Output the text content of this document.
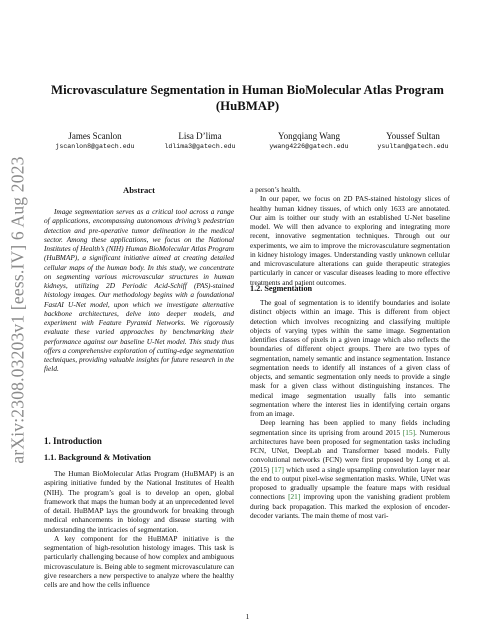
arXiv:2308.03203v1 [eess.IV] 6 Aug 2023
Microvasculature Segmentation in Human BioMolecular Atlas Program (HuBMAP)
James Scanlon
jscanlon8@gatech.edu
Lisa D’lima
ldlima3@gatech.edu
Yongqiang Wang
ywang4226@gatech.edu
Youssef Sultan
ysultan@gatech.edu
Abstract
Image segmentation serves as a critical tool across a range of applications, encompassing autonomous driving’s pedestrian detection and pre-operative tumor delineation in the medical sector. Among these applications, we focus on the National Institutes of Health’s (NIH) Human BioMolecular Atlas Program (HuBMAP), a significant initiative aimed at creating detailed cellular maps of the human body. In this study, we concentrate on segmenting various microvascular structures in human kidneys, utilizing 2D Periodic Acid-Schiff (PAS)-stained histology images. Our methodology begins with a foundational FastAI U-Net model, upon which we investigate alternative backbone architectures, delve into deeper models, and experiment with Feature Pyramid Networks. We rigorously evaluate these varied approaches by benchmarking their performance against our baseline U-Net model. This study thus offers a comprehensive exploration of cutting-edge segmentation techniques, providing valuable insights for future research in the field.
1. Introduction
1.1. Background & Motivation

The Human BioMolecular Atlas Program (HuBMAP) is an aspiring initiative funded by the National Institutes of Health (NIH). The program’s goal is to develop an open, global framework that maps the human body at an unprecedented level of detail. HuBMAP lays the groundwork for breaking through medical enhancements in biology and disease starting with understanding the intricacies of segmentation.

A key component for the HuBMAP initiative is the segmentation of high-resolution histology images. This task is particularly challenging because of how complex and ambiguous microvasculature is. Being able to segment microvasculature can give researchers a new perspective to analyze where the healthy cells are and how the cells influence

a person’s health.

In our paper, we focus on 2D PAS-stained histology slices of healthy human kidney tissues, of which only 1633 are annotated. Our aim is toither our study with an established U-Net baseline model. We will then advance to exploring and integrating more recent, innovative segmentation techniques. Through out our experiments, we aim to improve the microvasculature segmentation in kidney histology images. Understanding vastly unknown cellular and microvasculature alterations can guide therapeutic strategies particularly in cancer or vascular diseases leading to more effective treatments and patient outcomes.

1.2. Segmentation

The goal of segmentation is to identify boundaries and isolate distinct objects within an image. This is different from object detection which involves recognizing and classifying multiple objects of varying types within the same image. Segmentation identifies classes of pixels in a given image which also reflects the boundaries of different object groups. There are two types of segmentation, namely semantic and instance segmentation. Instance segmentation needs to identify all instances of a given class of objects, and semantic segmentation only needs to provide a single mask for a given class without distinguishing instances. The medical image segmentation usually falls into semantic segmentation where the interest lies in identifying certain organs from an image.

Deep learning has been applied to many fields including segmentation since its uprising from around 2015 [15]. Numerous architectures have been proposed for segmentation tasks including FCN, UNet, DeepLab and Transformer based models. Fully convolutional networks (FCN) were first proposed by Long et al. (2015) [17] which used a single upsampling convolution layer near the end to output pixel-wise segmentation masks. While, UNet was proposed to gradually upsample the feature maps with residual connections [21] improving upon the vanishing gradient problem during back propagation. This marked the explosion of encoder-decoder variants. The main theme of most vari-

1
